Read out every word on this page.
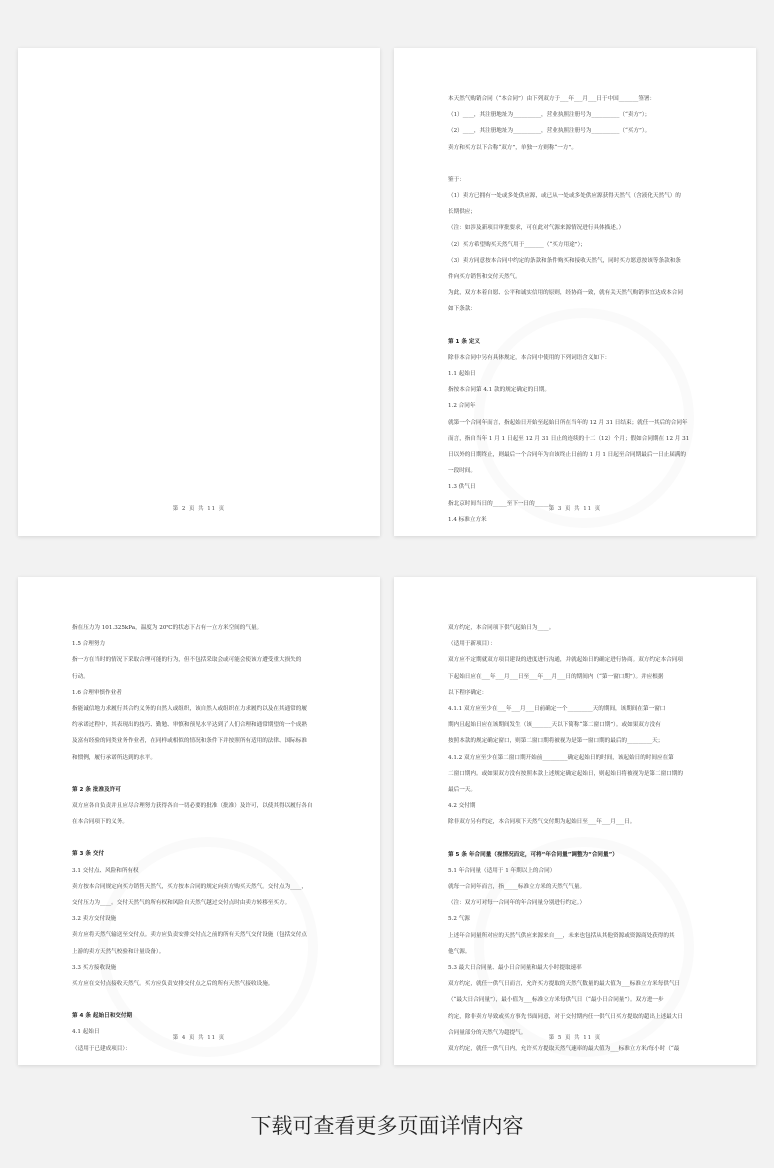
第 2 页 共 11 页
本天然气购销合同（“本合同”）由下列双方于___年___月___日于中国_______签署：
（1）____，其注册地址为__________，营业执照注册号为__________（“卖方”）；
（2）____，其注册地址为__________，营业执照注册号为__________（“买方”）。
卖方和买方以下合称“双方”，单独一方则称“一方”。
鉴于：
（1）卖方已拥有一处或多处供应源，或已从一处或多处供应源获得天然气（含液化天然气）的
长期供应；
（注：如涉及新项目审批要求，可在此对气源来源情况进行具体描述。）
（2）买方希望购买天然气用于_______（“买方用途”）；
（3）卖方同意按本合同中约定的条款和条件购买和接收天然气，同时买方愿意按该等条款和条
件向买方销售和交付天然气。
为此，双方本着自愿、公平和诚实信用的原则，经协商一致，就有关天然气购销事宜达成本合同
如下条款：
第 1 条 定义
除非本合同中另有具体规定，本合同中使用的下列词语含义如下：
1.1 起始日
指按本合同第 4.1 款的规定确定的日期。
1.2 合同年
就第一个合同年而言，指起始日开始至起始日所在当年的 12 月 31 日结束；就任一其后的合同年
而言，指自当年 1 月 1 日起至 12 月 31 日止的连续的十二（12）个月；假如合同期在 12 月 31
日以外的日期终止，则最后一个合同年为自该终止日前的 1 月 1 日起至合同期最后一日止届满的
一段时间。
1.3 供气日
指北京时间当日的_____至下一日的_____。
1.4 标准立方米
第 3 页 共 11 页
指在压力为 101.325kPa，温度为 20℃的状态下占有一立方米空间的气量。
1.5 合理努力
指一方在当时的情况下采取合理可能的行为，但不包括采取会或可能会使该方遭受重大损失的
行动。
1.6 合理审慎作业者
指能诚信地力求履行其合约义务的自然人或组织，该自然人或组织在力求履约以及在其通常的履
约承诺过程中，其表现出的技巧、勤勉、审慎和预见水平达到了人们合理和通常期望的一个成熟
及富有经验的同类业务作业者，在同样或相似的情况和条件下并按照所有适用的法律、国际标准
和惯例，履行承诺所达到的水平。
第 2 条 批准及许可
双方应各自负责并且应尽合理努力获得各自一切必要的批准（批准）及许可，以使其得以履行各自
在本合同项下的义务。
第 3 条 交付
3.1 交付点、风险和所有权
卖方按本合同规定向买方销售天然气，买方按本合同的规定向卖方购买天然气。交付点为____，
交付压力为____。交付天然气的所有权和风险自天然气越过交付点时由卖方转移至买方。
3.2 卖方交付设施
卖方应将天然气输送至交付点。卖方应负责安排交付点之前的所有天然气交付设施（包括交付点
上游的卖方天然气校验和计量设备）。
3.3 买方接收设施
买方应在交付点接收天然气。买方应负责安排交付点之后的所有天然气接收设施。
第 4 条 起始日和交付期
4.1 起始日
（适用于已建成项目）：
第 4 页 共 11 页
双方约定，本合同项下供气起始日为____。
（适用于新项目）：
双方应不定期就双方项目建设的进度进行沟通，并就起始日的确定进行协商。双方约定本合同项
下起始日应在___年___月___日至___年___月___日的期间内（“第一窗口期”）。并应根据
以下程序确定：
4.1.1 双方应至少在___年___月___日前确定一个_________天的期间，该期间在第一窗口
期内且起始日应在该期间发生（该_______天以下简称“第二窗口期”）。或如果双方没有
按照本款的规定确定窗口，则第二窗口期将被视为是第一窗口期的最后的_________天；
4.1.2 双方应至少在第二窗口期开始前_________确定起始日的时间，该起始日的时间应在第
二窗口期内。或如果双方没有按照本款上述规定确定起始日，则起始日将被视为是第二窗口期的
最后一天。
4.2 交付期
除非双方另有约定，本合同项下天然气交付期为起始日至___年___月___日。
第 5 条 年合同量（视情况而定，可将“年合同量”调整为“合同量”）
5.1 年合同量（适用于 1 年期以上的合同）
就每一合同年而言，指_____标准立方米的天然气气量。
（注：双方可对每一合同年的年合同量分别进行约定。）
5.2 气源
上述年合同量所对应的天然气供应来源来自___，未来也包括从其他资源或资源商处获得的其
他气源。
5.3 最大日合同量、最小日合同量和最大小时提取速率
双方约定，就任一供气日而言，允许买方提取的天然气数量的最大值为___标准立方米每供气日
（“最大日合同量”），最小值为___标准立方米每供气日（“最小日合同量”）。双方进一步
约定，除非卖方导致或买方事先书面同意，对于交付期内任一供气日买方提取的超出上述最大日
合同量部分的天然气为超提气。
双方约定，就任一供气日内，允许买方提取天然气速率的最大值为___标准立方米/每小时（“最
第 5 页 共 11 页
下载可查看更多页面详情内容
